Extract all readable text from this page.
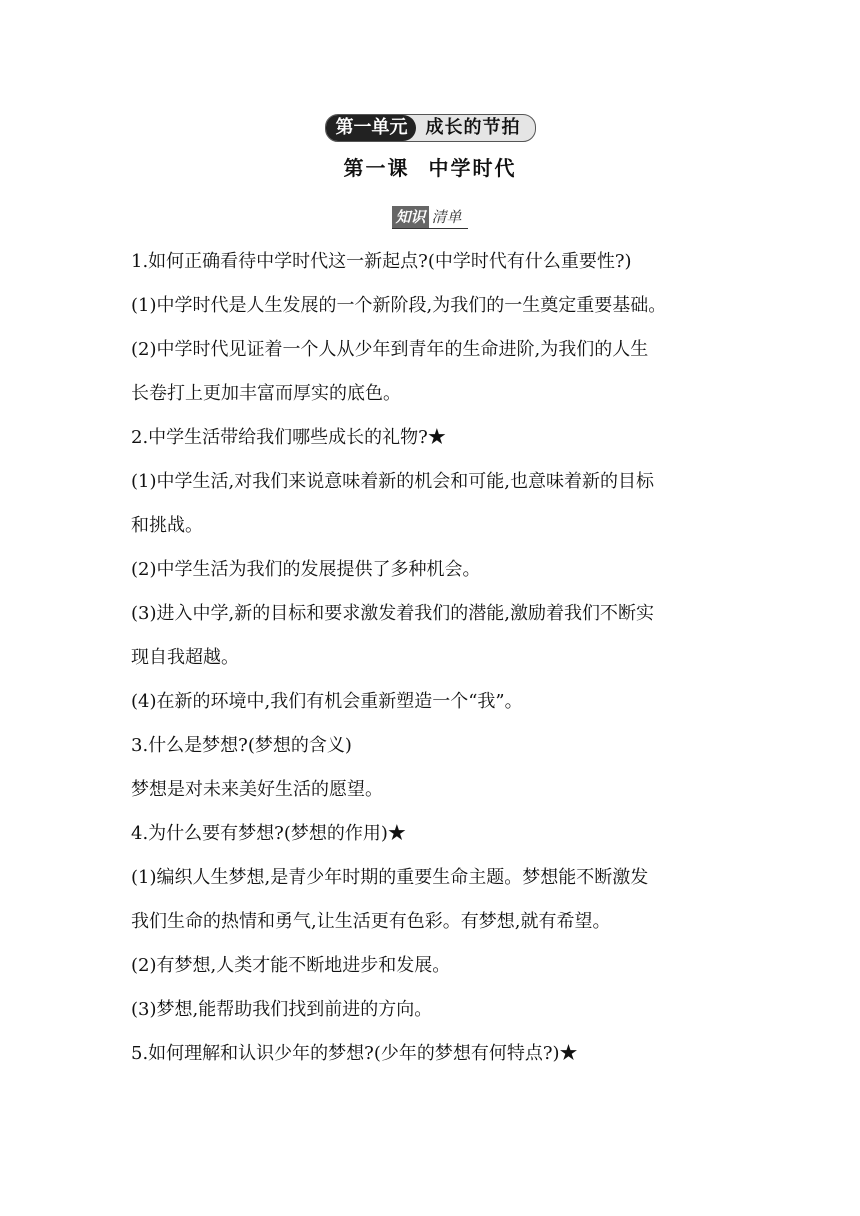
第一单元	成长的节拍
第一课 中学时代
知识 清单
1.如何正确看待中学时代这一新起点?(中学时代有什么重要性?)
(1)中学时代是人生发展的一个新阶段,为我们的一生奠定重要基础。
(2)中学时代见证着一个人从少年到青年的生命进阶,为我们的人生
长卷打上更加丰富而厚实的底色。
2.中学生活带给我们哪些成长的礼物?★
(1)中学生活,对我们来说意味着新的机会和可能,也意味着新的目标
和挑战。
(2)中学生活为我们的发展提供了多种机会。
(3)进入中学,新的目标和要求激发着我们的潜能,激励着我们不断实
现自我超越。
(4)在新的环境中,我们有机会重新塑造一个“我”。
3.什么是梦想?(梦想的含义)
梦想是对未来美好生活的愿望。
4.为什么要有梦想?(梦想的作用)★
(1)编织人生梦想,是青少年时期的重要生命主题。梦想能不断激发
我们生命的热情和勇气,让生活更有色彩。有梦想,就有希望。
(2)有梦想,人类才能不断地进步和发展。
(3)梦想,能帮助我们找到前进的方向。
5.如何理解和认识少年的梦想?(少年的梦想有何特点?)★
